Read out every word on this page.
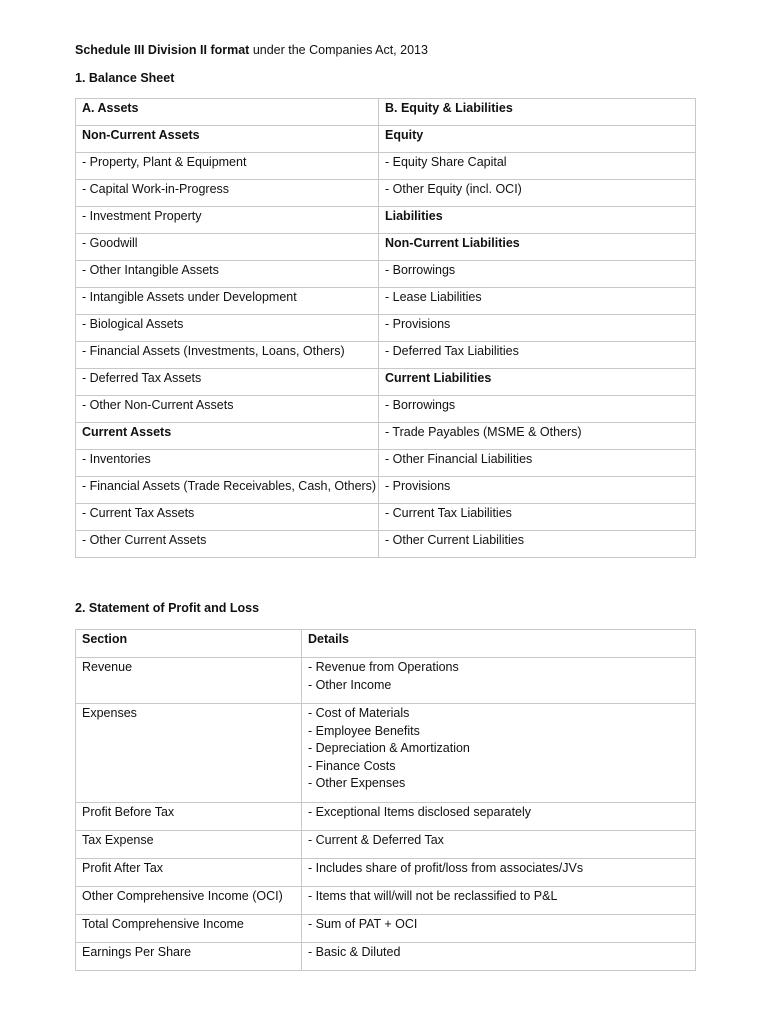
Schedule III Division II format under the Companies Act, 2013
1. Balance Sheet
A. Assets	B. Equity & Liabilities
Non-Current Assets	Equity
- Property, Plant & Equipment	- Equity Share Capital
- Capital Work-in-Progress	- Other Equity (incl. OCI)
- Investment Property	Liabilities
- Goodwill	Non-Current Liabilities
- Other Intangible Assets	- Borrowings
- Intangible Assets under Development	- Lease Liabilities
- Biological Assets	- Provisions
- Financial Assets (Investments, Loans, Others)	- Deferred Tax Liabilities
- Deferred Tax Assets	Current Liabilities
- Other Non-Current Assets	- Borrowings
Current Assets	- Trade Payables (MSME & Others)
- Inventories	- Other Financial Liabilities
- Financial Assets (Trade Receivables, Cash, Others)	- Provisions
- Current Tax Assets	- Current Tax Liabilities
- Other Current Assets	- Other Current Liabilities
2. Statement of Profit and Loss
Section	Details
Revenue	- Revenue from Operations
- Other Income

Expenses	- Cost of Materials
- Employee Benefits
- Depreciation & Amortization
- Finance Costs
- Other Expenses

Profit Before Tax	- Exceptional Items disclosed separately

Tax Expense	- Current & Deferred Tax

Profit After Tax	- Includes share of profit/loss from associates/JVs

Other Comprehensive Income (OCI)	- Items that will/will not be reclassified to P&L

Total Comprehensive Income	- Sum of PAT + OCI

Earnings Per Share	- Basic & Diluted
